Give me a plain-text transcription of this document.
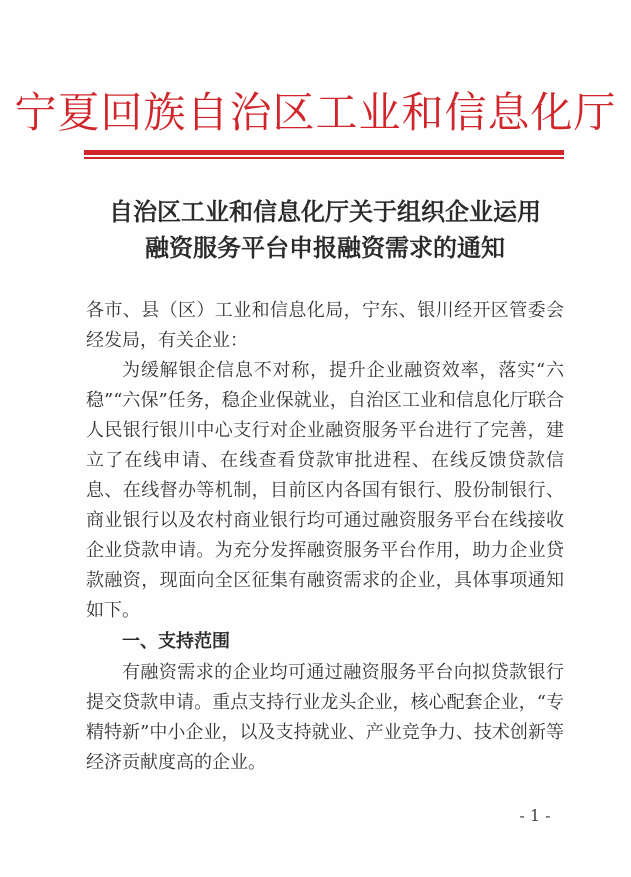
宁夏回族自治区工业和信息化厅
自治区工业和信息化厅关于组织企业运用
融资服务平台申报融资需求的通知

各市、县（区）工业和信息化局，宁东、银川经开区管委会经发局，有关企业：

为缓解银企信息不对称，提升企业融资效率，落实“六稳”“六保”任务，稳企业保就业，自治区工业和信息化厅联合人民银行银川中心支行对企业融资服务平台进行了完善，建立了在线申请、在线查看贷款审批进程、在线反馈贷款信息、在线督办等机制，目前区内各国有银行、股份制银行、商业银行以及农村商业银行均可通过融资服务平台在线接收企业贷款申请。为充分发挥融资服务平台作用，助力企业贷款融资，现面向全区征集有融资需求的企业，具体事项通知如下。

一、支持范围

有融资需求的企业均可通过融资服务平台向拟贷款银行提交贷款申请。重点支持行业龙头企业，核心配套企业，“专精特新”中小企业，以及支持就业、产业竞争力、技术创新等经济贡献度高的企业。

- 1 -
